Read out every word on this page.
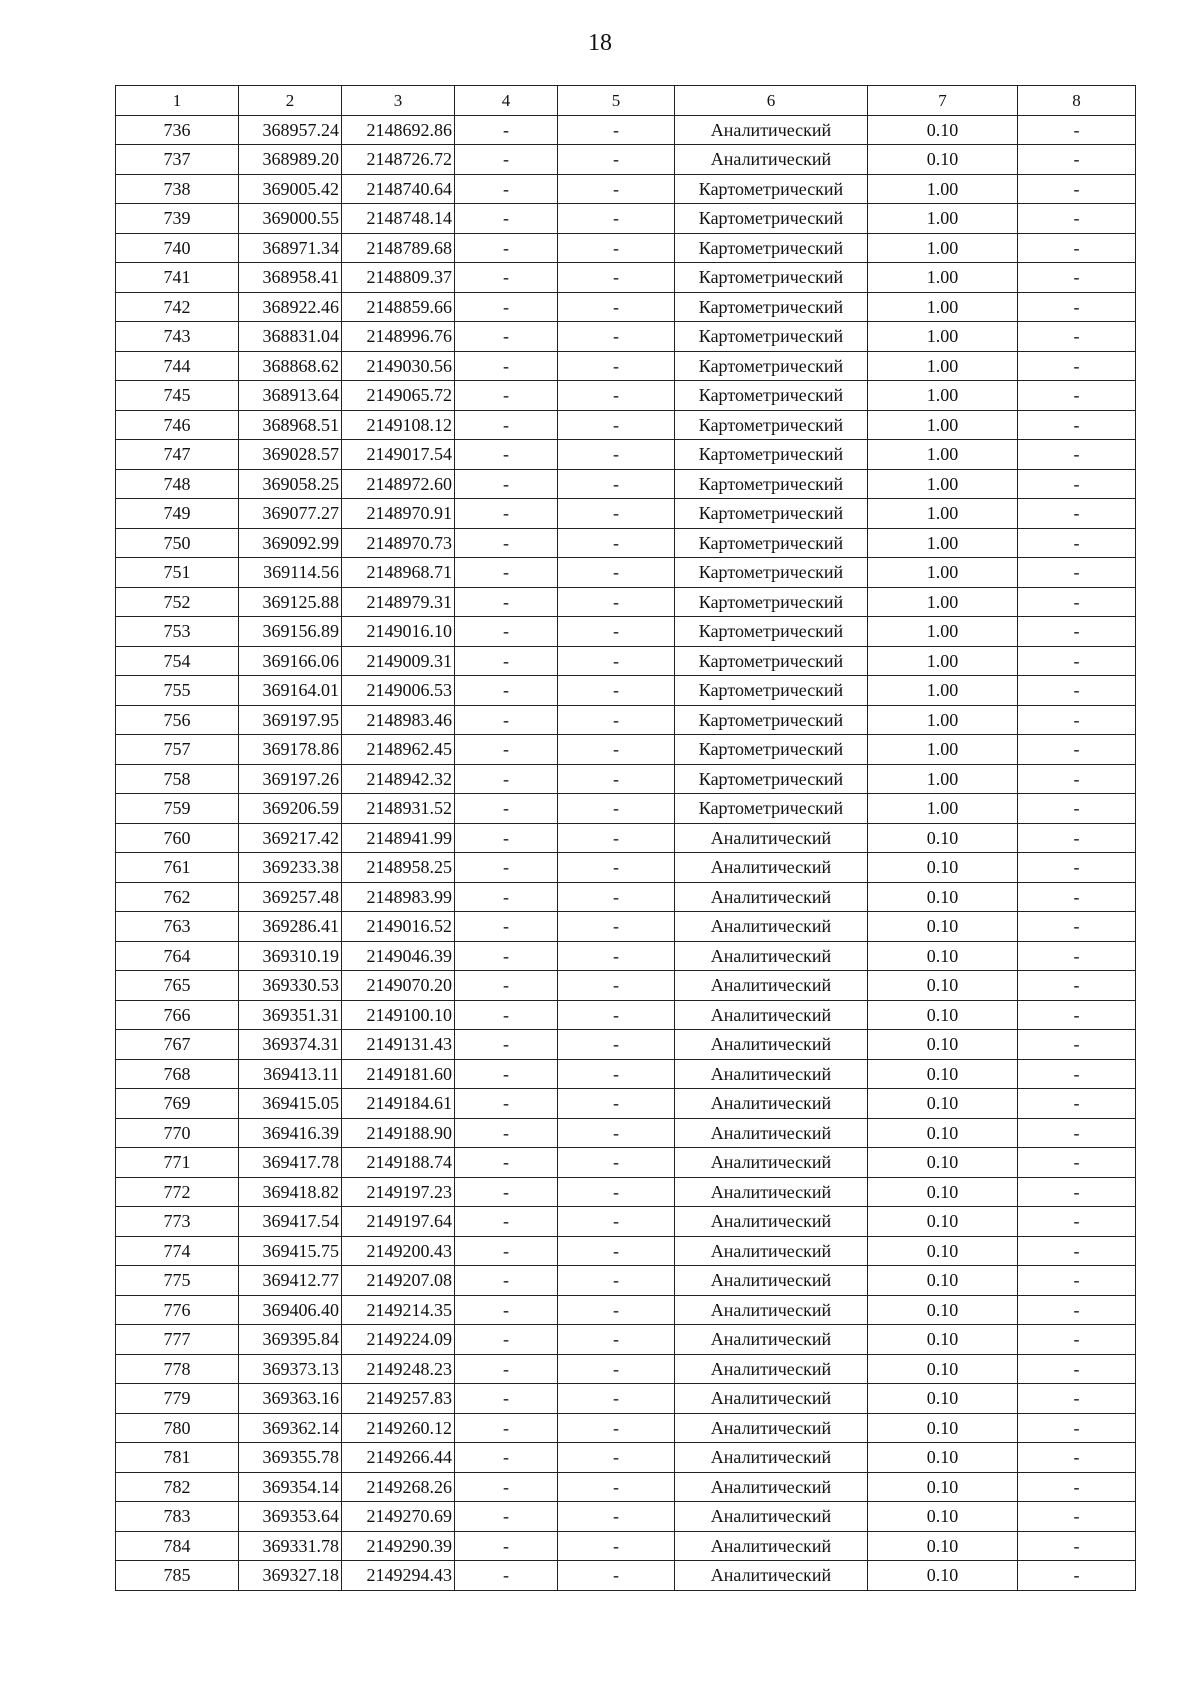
18
1	2	3	4	5	6	7	8
736	368957.24	2148692.86	-	-	Аналитический	0.10	-
737	368989.20	2148726.72	-	-	Аналитический	0.10	-
738	369005.42	2148740.64	-	-	Картометрический	1.00	-
739	369000.55	2148748.14	-	-	Картометрический	1.00	-
740	368971.34	2148789.68	-	-	Картометрический	1.00	-
741	368958.41	2148809.37	-	-	Картометрический	1.00	-
742	368922.46	2148859.66	-	-	Картометрический	1.00	-
743	368831.04	2148996.76	-	-	Картометрический	1.00	-
744	368868.62	2149030.56	-	-	Картометрический	1.00	-
745	368913.64	2149065.72	-	-	Картометрический	1.00	-
746	368968.51	2149108.12	-	-	Картометрический	1.00	-
747	369028.57	2149017.54	-	-	Картометрический	1.00	-
748	369058.25	2148972.60	-	-	Картометрический	1.00	-
749	369077.27	2148970.91	-	-	Картометрический	1.00	-
750	369092.99	2148970.73	-	-	Картометрический	1.00	-
751	369114.56	2148968.71	-	-	Картометрический	1.00	-
752	369125.88	2148979.31	-	-	Картометрический	1.00	-
753	369156.89	2149016.10	-	-	Картометрический	1.00	-
754	369166.06	2149009.31	-	-	Картометрический	1.00	-
755	369164.01	2149006.53	-	-	Картометрический	1.00	-
756	369197.95	2148983.46	-	-	Картометрический	1.00	-
757	369178.86	2148962.45	-	-	Картометрический	1.00	-
758	369197.26	2148942.32	-	-	Картометрический	1.00	-
759	369206.59	2148931.52	-	-	Картометрический	1.00	-
760	369217.42	2148941.99	-	-	Аналитический	0.10	-
761	369233.38	2148958.25	-	-	Аналитический	0.10	-
762	369257.48	2148983.99	-	-	Аналитический	0.10	-
763	369286.41	2149016.52	-	-	Аналитический	0.10	-
764	369310.19	2149046.39	-	-	Аналитический	0.10	-
765	369330.53	2149070.20	-	-	Аналитический	0.10	-
766	369351.31	2149100.10	-	-	Аналитический	0.10	-
767	369374.31	2149131.43	-	-	Аналитический	0.10	-
768	369413.11	2149181.60	-	-	Аналитический	0.10	-
769	369415.05	2149184.61	-	-	Аналитический	0.10	-
770	369416.39	2149188.90	-	-	Аналитический	0.10	-
771	369417.78	2149188.74	-	-	Аналитический	0.10	-
772	369418.82	2149197.23	-	-	Аналитический	0.10	-
773	369417.54	2149197.64	-	-	Аналитический	0.10	-
774	369415.75	2149200.43	-	-	Аналитический	0.10	-
775	369412.77	2149207.08	-	-	Аналитический	0.10	-
776	369406.40	2149214.35	-	-	Аналитический	0.10	-
777	369395.84	2149224.09	-	-	Аналитический	0.10	-
778	369373.13	2149248.23	-	-	Аналитический	0.10	-
779	369363.16	2149257.83	-	-	Аналитический	0.10	-
780	369362.14	2149260.12	-	-	Аналитический	0.10	-
781	369355.78	2149266.44	-	-	Аналитический	0.10	-
782	369354.14	2149268.26	-	-	Аналитический	0.10	-
783	369353.64	2149270.69	-	-	Аналитический	0.10	-
784	369331.78	2149290.39	-	-	Аналитический	0.10	-
785	369327.18	2149294.43	-	-	Аналитический	0.10	-
